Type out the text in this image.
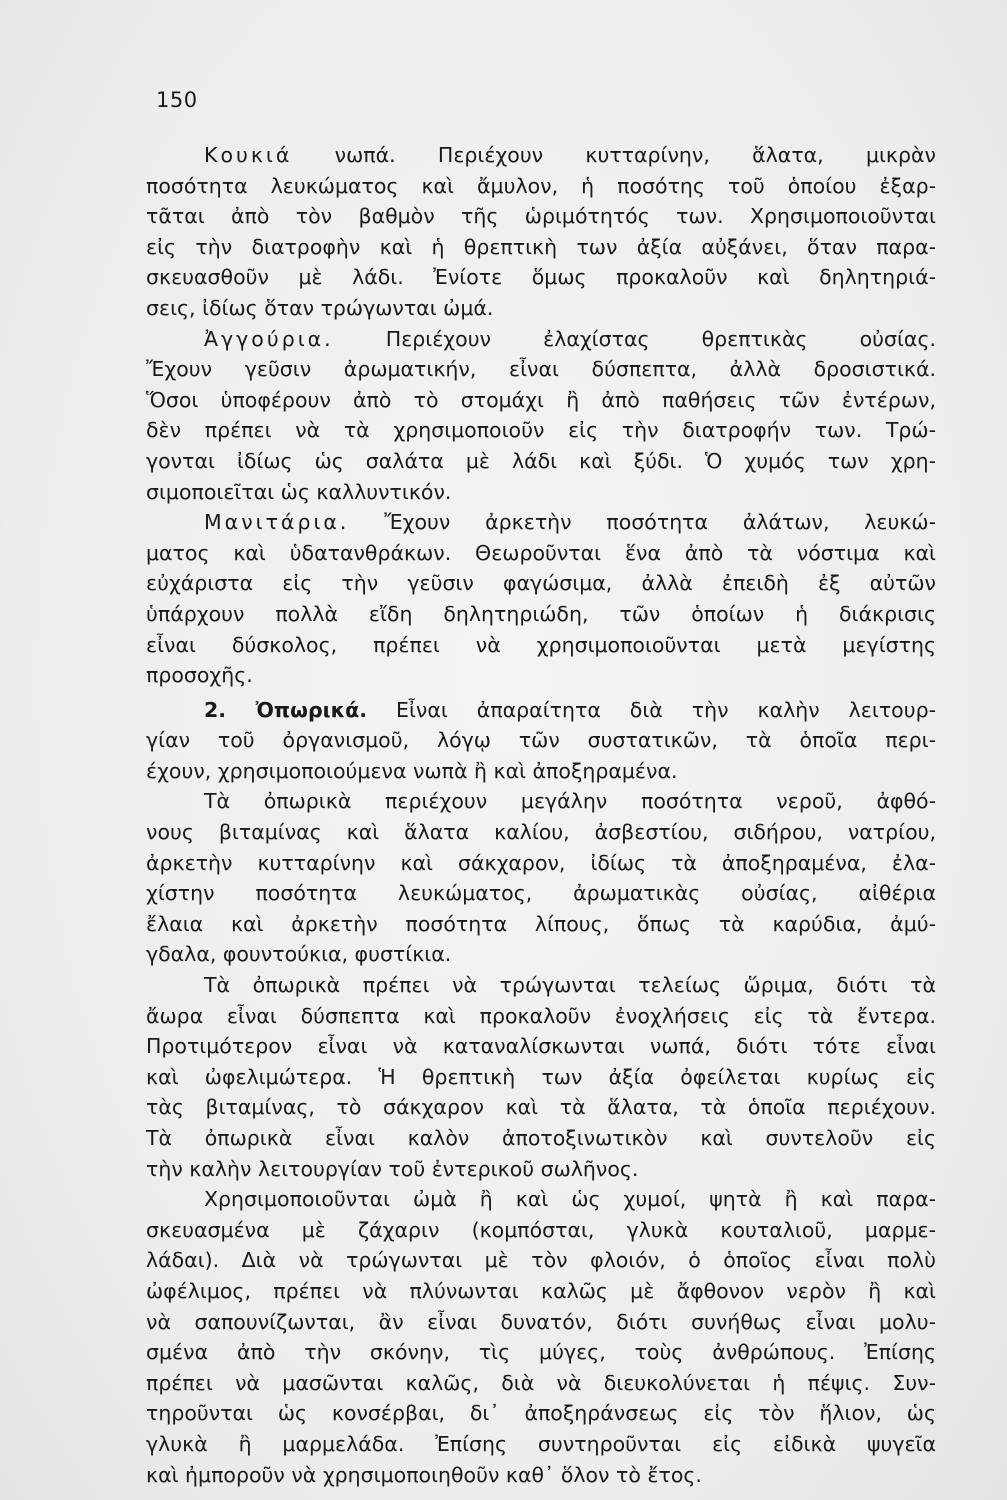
150
Κουκιά νωπά. Περιέχουν κυτταρίνην, ἅλατα, μικρὰν
ποσότητα λευκώματος καὶ ἄμυλον, ἡ ποσότης τοῦ ὁποίου ἐξαρ-
τᾶται ἀπὸ τὸν βαθμὸν τῆς ὡριμότητός των. Χρησιμοποιοῦνται
εἰς τὴν διατροφὴν καὶ ἡ θρεπτικὴ των ἀξία αὐξάνει, ὅταν παρα-
σκευασθοῦν μὲ λάδι. Ἐνίοτε ὅμως προκαλοῦν καὶ δηλητηριά-
σεις, ἰδίως ὅταν τρώγωνται ὠμά.
Ἀγγούρια. Περιέχουν ἐλαχίστας θρεπτικὰς οὐσίας.
Ἔχουν γεῦσιν ἀρωματικήν, εἶναι δύσπεπτα, ἀλλὰ δροσιστικά.
Ὅσοι ὑποφέρουν ἀπὸ τὸ στομάχι ἢ ἀπὸ παθήσεις τῶν ἐντέρων,
δὲν πρέπει νὰ τὰ χρησιμοποιοῦν εἰς τὴν διατροφήν των. Τρώ-
γονται ἰδίως ὡς σαλάτα μὲ λάδι καὶ ξύδι. Ὁ χυμός των χρη-
σιμοποιεῖται ὡς καλλυντικόν.
Μανιτάρια. Ἔχουν ἀρκετὴν ποσότητα ἀλάτων, λευκώ-
ματος καὶ ὑδατανθράκων. Θεωροῦνται ἕνα ἀπὸ τὰ νόστιμα καὶ
εὐχάριστα εἰς τὴν γεῦσιν φαγώσιμα, ἀλλὰ ἐπειδὴ ἐξ αὐτῶν
ὑπάρχουν πολλὰ εἴδη δηλητηριώδη, τῶν ὁποίων ἡ διάκρισις
εἶναι δύσκολος, πρέπει νὰ χρησιμοποιοῦνται μετὰ μεγίστης
προσοχῆς.
2. Ὀπωρικά. Εἶναι ἀπαραίτητα διὰ τὴν καλὴν λειτουρ-
γίαν τοῦ ὀργανισμοῦ, λόγῳ τῶν συστατικῶν, τὰ ὁποῖα περι-
έχουν, χρησιμοποιούμενα νωπὰ ἢ καὶ ἀποξηραμένα.
Τὰ ὀπωρικὰ περιέχουν μεγάλην ποσότητα νεροῦ, ἀφθό-
νους βιταμίνας καὶ ἅλατα καλίου, ἀσβεστίου, σιδήρου, νατρίου,
ἀρκετὴν κυτταρίνην καὶ σάκχαρον, ἰδίως τὰ ἀποξηραμένα, ἐλα-
χίστην ποσότητα λευκώματος, ἀρωματικὰς οὐσίας, αἰθέρια
ἔλαια καὶ ἀρκετὴν ποσότητα λίπους, ὅπως τὰ καρύδια, ἀμύ-
γδαλα, φουντούκια, φυστίκια.
Τὰ ὀπωρικὰ πρέπει νὰ τρώγωνται τελείως ὥριμα, διότι τὰ
ἄωρα εἶναι δύσπεπτα καὶ προκαλοῦν ἐνοχλήσεις εἰς τὰ ἔντερα.
Προτιμότερον εἶναι νὰ καταναλίσκωνται νωπά, διότι τότε εἶναι
καὶ ὠφελιμώτερα. Ἡ θρεπτικὴ των ἀξία ὀφείλεται κυρίως εἰς
τὰς βιταμίνας, τὸ σάκχαρον καὶ τὰ ἅλατα, τὰ ὁποῖα περιέχουν.
Τὰ ὀπωρικὰ εἶναι καλὸν ἀποτοξινωτικὸν καὶ συντελοῦν εἰς
τὴν καλὴν λειτουργίαν τοῦ ἐντερικοῦ σωλῆνος.
Χρησιμοποιοῦνται ὠμὰ ἢ καὶ ὡς χυμοί, ψητὰ ἢ καὶ παρα-
σκευασμένα μὲ ζάχαριν (κομπόσται, γλυκὰ κουταλιοῦ, μαρμε-
λάδαι). Διὰ νὰ τρώγωνται μὲ τὸν φλοιόν, ὁ ὁποῖος εἶναι πολὺ
ὠφέλιμος, πρέπει νὰ πλύνωνται καλῶς μὲ ἄφθονον νερὸν ἢ καὶ
νὰ σαπουνίζωνται, ἂν εἶναι δυνατόν, διότι συνήθως εἶναι μολυ-
σμένα ἀπὸ τὴν σκόνην, τὶς μύγες, τοὺς ἀνθρώπους. Ἐπίσης
πρέπει νὰ μασῶνται καλῶς, διὰ νὰ διευκολύνεται ἡ πέψις. Συν-
τηροῦνται ὡς κονσέρβαι, δι᾽ ἀποξηράνσεως εἰς τὸν ἥλιον, ὡς
γλυκὰ ἢ μαρμελάδα. Ἐπίσης συντηροῦνται εἰς εἰδικὰ ψυγεῖα
καὶ ἠμποροῦν νὰ χρησιμοποιηθοῦν καθ᾽ ὅλον τὸ ἔτος.
